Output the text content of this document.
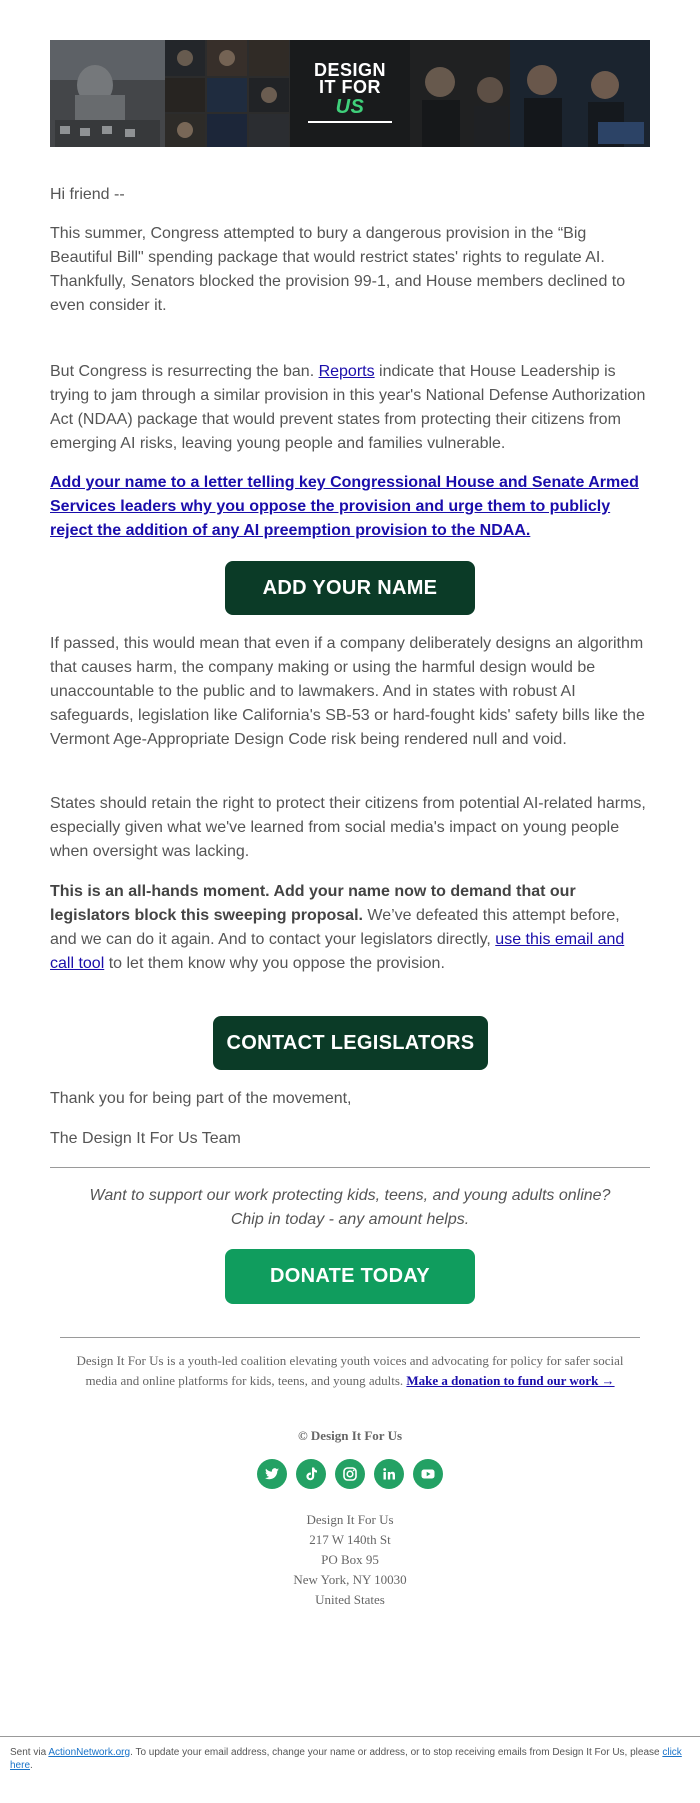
DESIGN
IT FOR
US

Hi friend --

This summer, Congress attempted to bury a dangerous provision in the “Big Beautiful Bill" spending package that would restrict states' rights to regulate AI. Thankfully, Senators blocked the provision 99-1, and House members declined to even consider it.

But Congress is resurrecting the ban. Reports indicate that House Leadership is trying to jam through a similar provision in this year's National Defense Authorization Act (NDAA) package that would prevent states from protecting their citizens from emerging AI risks, leaving young people and families vulnerable.

Add your name to a letter telling key Congressional House and Senate Armed Services leaders why you oppose the provision and urge them to publicly reject the addition of any AI preemption provision to the NDAA.
ADD YOUR NAME

If passed, this would mean that even if a company deliberately designs an algorithm that causes harm, the company making or using the harmful design would be unaccountable to the public and to lawmakers. And in states with robust AI safeguards, legislation like California's SB-53 or hard-fought kids' safety bills like the Vermont Age-Appropriate Design Code risk being rendered null and void.

States should retain the right to protect their citizens from potential AI-related harms, especially given what we've learned from social media's impact on young people when oversight was lacking.

This is an all-hands moment. Add your name now to demand that our legislators block this sweeping proposal. We’ve defeated this attempt before, and we can do it again. And to contact your legislators directly, use this email and call tool to let them know why you oppose the provision.

CONTACT LEGISLATORS

Thank you for being part of the movement,

The Design It For Us Team

Want to support our work protecting kids, teens, and young adults online?
Chip in today - any amount helps.

DONATE TODAY

Design It For Us is a youth-led coalition elevating youth voices and advocating for policy for safer social media and online platforms for kids, teens, and young adults. Make a donation to fund our work →

© Design It For Us

Design It For Us
217 W 140th St
PO Box 95
New York, NY 10030
United States

Sent via ActionNetwork.org. To update your email address, change your name or address, or to stop receiving emails from Design It For Us, please click here.
